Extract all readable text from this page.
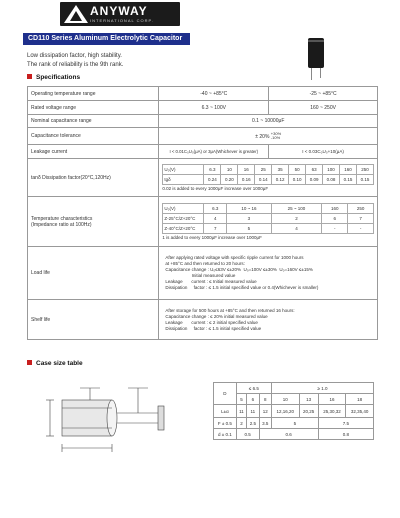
ANYWAY
INTERNATIONAL CORP.
CD110 Series Aluminum Electrolytic Capacitor
Low dissipation factor, high stability.
The rank of reliability is the 9th rank.
Specifications
Operating temperature range	-40 ~ +85°C	-25 ~ +85°C
Rated voltage range	6.3 ~ 100V	160 ~ 250V
Nominal capacitance range	0.1 ~ 10000μF
Capacitance tolerance	± 20% +30%
-10%
Leakage current	I < 0.01C₀U₀(μA) or 3μA(Whichever is greater)	I < 0.03C₀U₀+10(μA)
tanδ Dissipation factor(20°C,120Hz)	
U₀(V)	6.3	10	16	25	35	50	63	100	160	250
tgδ	0.24	0.20	0.16	0.14	0.12	0.10	0.09	0.08	0.15	0.15
0.02 is added to every 1000μF increase over 1000μF

Temperature characteristics
(Impedance ratio at 100Hz)	
U₀(V)	6.3	10 ~ 16	25 ~ 100	160	250
Z-25°C/Z+20°C	4	3	2	6	7
Z-40°C/Z+20°C	7	5	4	-	-
1 is added to every 1000μF increase over 1000μF

Load life	
After applying rated voltage with specific ripple current for 1000 hours
at +85°C and then returned to 20 hours:
Capacitance change : U₀≤63V ≤±20%  U₀=100V ≤±30%  U₀=160V ≤±15%
Initial measured value
Leakage       current : ≤ Initial measured value
Dissipation     factor : ≤ 1.5 initial specified value or 0.4(Whichever is smaller)

Shelf life	
After storage for 500 hours at +85°C and then returned 16 hours:
Capacitance change : ≤ 20% initial measured value
Leakage       current : ≤ 2 initial specified value
Dissipation     factor : ≤ 1.5 initial specified value
Case size table
D	≤ 6.5			≥ 1.0			
	5	6	8	10	13	16	18
L±α	11	11	12	12,16,20	20,25	25,30,32	32,35,40
F ± 0.5	2	2.5	3.5	5		7.5	
d ± 0.1	0.5		0.6			0.8	
